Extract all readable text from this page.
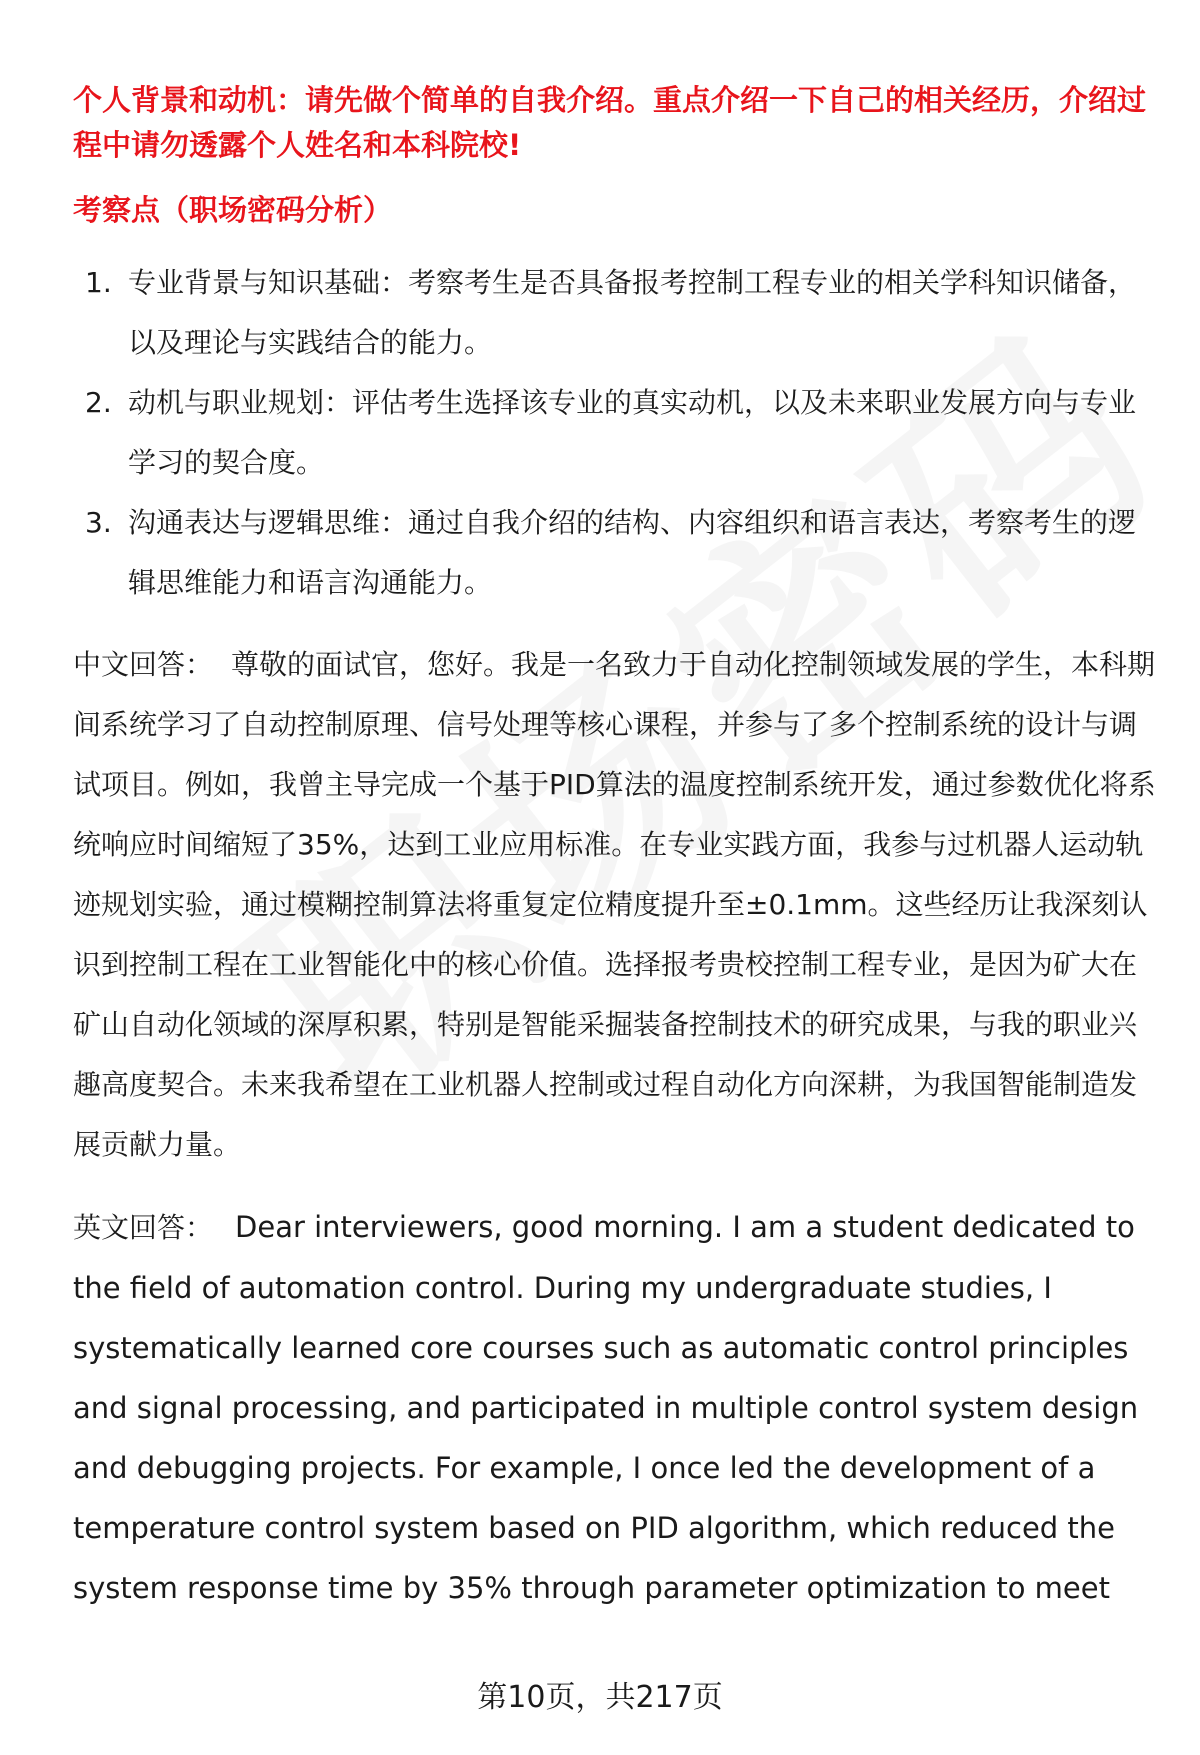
个人背景和动机：请先做个简单的自我介绍。重点介绍一下自己的相关经历，介绍过程中请勿透露个人姓名和本科院校!

考察点（职场密码分析）

1. 专业背景与知识基础：考察考生是否具备报考控制工程专业的相关学科知识储备，以及理论与实践结合的能力。
2. 动机与职业规划：评估考生选择该专业的真实动机，以及未来职业发展方向与专业学习的契合度。
3. 沟通表达与逻辑思维：通过自我介绍的结构、内容组织和语言表达，考察考生的逻辑思维能力和语言沟通能力。

中文回答： 尊敬的面试官，您好。我是一名致力于自动化控制领域发展的学生，本科期间系统学习了自动控制原理、信号处理等核心课程，并参与了多个控制系统的设计与调试项目。例如，我曾主导完成一个基于PID算法的温度控制系统开发，通过参数优化将系统响应时间缩短了35%，达到工业应用标准。在专业实践方面，我参与过机器人运动轨迹规划实验，通过模糊控制算法将重复定位精度提升至±0.1mm。这些经历让我深刻认识到控制工程在工业智能化中的核心价值。选择报考贵校控制工程专业，是因为矿大在矿山自动化领域的深厚积累，特别是智能采掘装备控制技术的研究成果，与我的职业兴趣高度契合。未来我希望在工业机器人控制或过程自动化方向深耕，为我国智能制造发展贡献力量。

英文回答： Dear interviewers, good morning. I am a student dedicated to the field of automation control. During my undergraduate studies, I systematically learned core courses such as automatic control principles and signal processing, and participated in multiple control system design and debugging projects. For example, I once led the development of a temperature control system based on PID algorithm, which reduced the system response time by 35% through parameter optimization to meet

第10页，共217页
